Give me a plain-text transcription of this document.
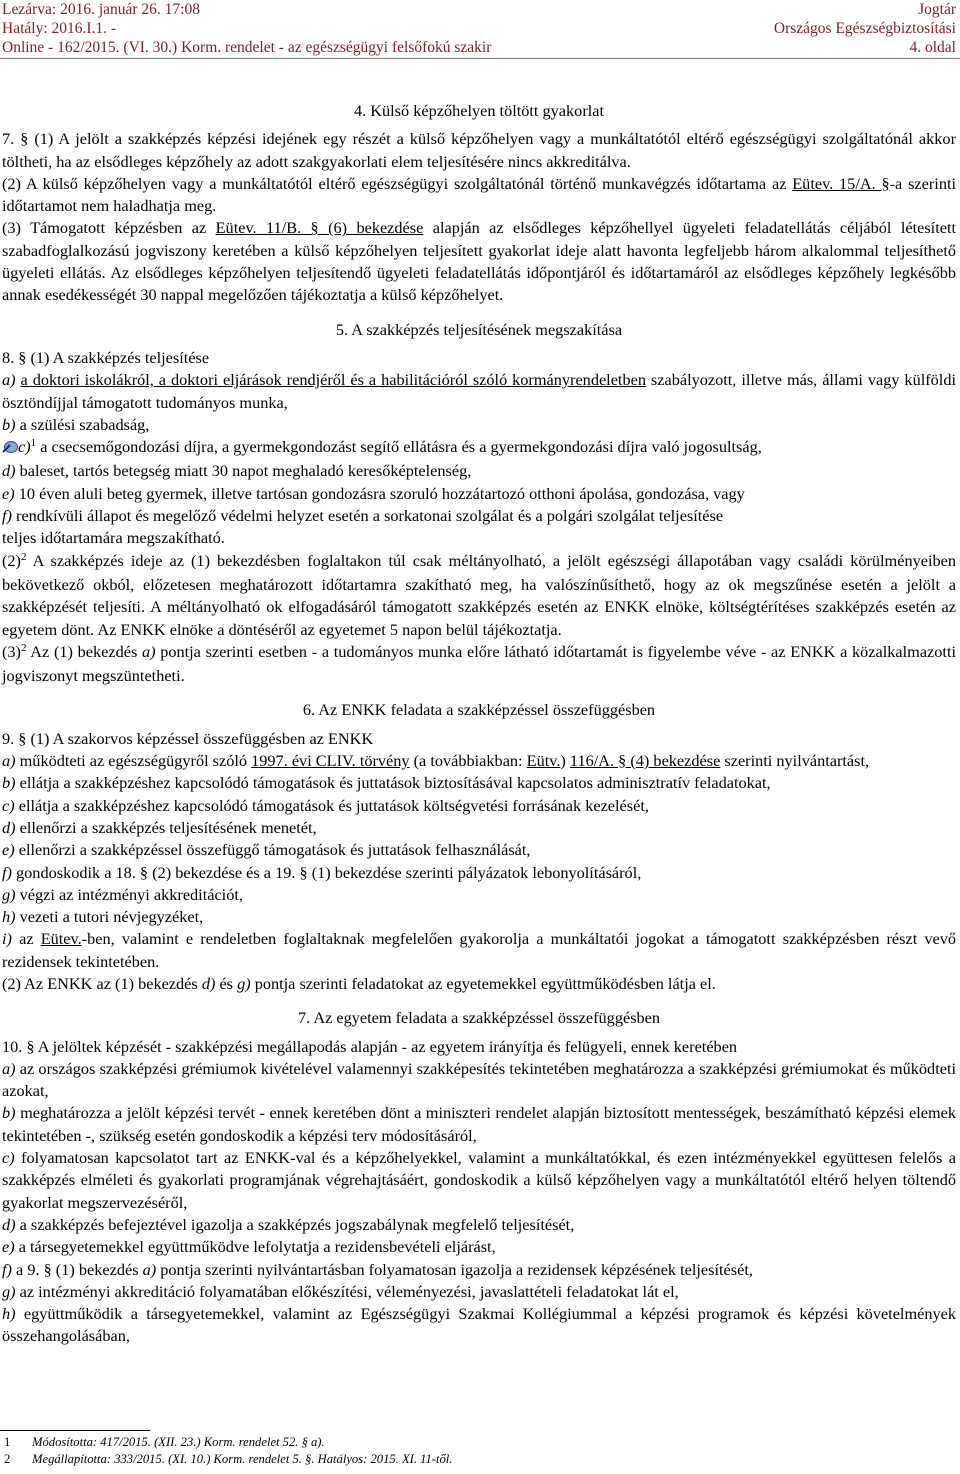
Lezárva: 2016. január 26. 17:08
Hatály: 2016.I.1. -
Online - 162/2015. (VI. 30.) Korm. rendelet - az egészségügyi felsőfokú szakir
Jogtár
Országos Egészségbiztosítási
4. oldal

4. Külső képzőhelyen töltött gyakorlat

7. § (1) A jelölt a szakképzés képzési idejének egy részét a külső képzőhelyen vagy a munkáltatótól eltérő egészségügyi szolgáltatónál akkor töltheti, ha az elsődleges képzőhely az adott szakgyakorlati elem teljesítésére nincs akkreditálva.

(2) A külső képzőhelyen vagy a munkáltatótól eltérő egészségügyi szolgáltatónál történő munkavégzés időtartama az Eütev. 15/A. §-a szerinti időtartamot nem haladhatja meg.

(3) Támogatott képzésben az Eütev. 11/B. § (6) bekezdése alapján az elsődleges képzőhellyel ügyeleti feladatellátás céljából létesített szabadfoglalkozású jogviszony keretében a külső képzőhelyen teljesített gyakorlat ideje alatt havonta legfeljebb három alkalommal teljesíthető ügyeleti ellátás. Az elsődleges képzőhelyen teljesítendő ügyeleti feladatellátás időpontjáról és időtartamáról az elsődleges képzőhely legkésőbb annak esedékességét 30 nappal megelőzően tájékoztatja a külső képzőhelyet.

5. A szakképzés teljesítésének megszakítása

8. § (1) A szakképzés teljesítése

a) a doktori iskolákról, a doktori eljárások rendjéről és a habilitációról szóló kormányrendeletben szabályozott, illetve más, állami vagy külföldi ösztöndíjjal támogatott tudományos munka,

b) a szülési szabadság,

c)$^1$ a csecsemőgondozási díjra, a gyermekgondozást segítő ellátásra és a gyermekgondozási díjra való jogosultság,

d) baleset, tartós betegség miatt 30 napot meghaladó keresőképtelenség,

e) 10 éven aluli beteg gyermek, illetve tartósan gondozásra szoruló hozzátartozó otthoni ápolása, gondozása, vagy

f) rendkívüli állapot és megelőző védelmi helyzet esetén a sorkatonai szolgálat és a polgári szolgálat teljesítése

teljes időtartamára megszakítható.

$(2)^2$ A szakképzés ideje az (1) bekezdésben foglaltakon túl csak méltányolható, a jelölt egészségi állapotában vagy családi körülményeiben bekövetkező okból, előzetesen meghatározott időtartamra szakítható meg, ha valószínűsíthető, hogy az ok megszűnése esetén a jelölt a szakképzését teljesíti. A méltányolható ok elfogadásáról támogatott szakképzés esetén az ENKK elnöke, költségtérítéses szakképzés esetén az egyetem dönt. Az ENKK elnöke a döntéséről az egyetemet 5 napon belül tájékoztatja.

$(3)^2$ Az (1) bekezdés a) pontja szerinti esetben - a tudományos munka előre látható időtartamát is figyelembe véve - az ENKK a közalkalmazotti jogviszonyt megszüntetheti.

6. Az ENKK feladata a szakképzéssel összefüggésben

9. § (1) A szakorvos képzéssel összefüggésben az ENKK

a) működteti az egészségügyről szóló 1997. évi CLIV. törvény (a továbbiakban: Eütv.) 116/A. § (4) bekezdése szerinti nyilvántartást,

b) ellátja a szakképzéshez kapcsolódó támogatások és juttatások biztosításával kapcsolatos adminisztratív feladatokat,

c) ellátja a szakképzéshez kapcsolódó támogatások és juttatások költségvetési forrásának kezelését,

d) ellenőrzi a szakképzés teljesítésének menetét,

e) ellenőrzi a szakképzéssel összefüggő támogatások és juttatások felhasználását,

f) gondoskodik a 18. § (2) bekezdése és a 19. § (1) bekezdése szerinti pályázatok lebonyolításáról,

g) végzi az intézményi akkreditációt,

h) vezeti a tutori névjegyzéket,

i) az Eütev.-ben, valamint e rendeletben foglaltaknak megfelelően gyakorolja a munkáltatói jogokat a támogatott szakképzésben részt vevő rezidensek tekintetében.

(2) Az ENKK az (1) bekezdés d) és g) pontja szerinti feladatokat az egyetemekkel együttműködésben látja el.

7. Az egyetem feladata a szakképzéssel összefüggésben

10. § A jelöltek képzését - szakképzési megállapodás alapján - az egyetem irányítja és felügyeli, ennek keretében

a) az országos szakképzési grémiumok kivételével valamennyi szakképesítés tekintetében meghatározza a szakképzési grémiumokat és működteti azokat,

b) meghatározza a jelölt képzési tervét - ennek keretében dönt a miniszteri rendelet alapján biztosított mentességek, beszámítható képzési elemek tekintetében -, szükség esetén gondoskodik a képzési terv módosításáról,

c) folyamatosan kapcsolatot tart az ENKK-val és a képzőhelyekkel, valamint a munkáltatókkal, és ezen intézményekkel együttesen felelős a szakképzés elméleti és gyakorlati programjának végrehajtásáért, gondoskodik a külső képzőhelyen vagy a munkáltatótól eltérő helyen töltendő gyakorlat megszervezéséről,

d) a szakképzés befejeztével igazolja a szakképzés jogszabálynak megfelelő teljesítését,

e) a társegyetemekkel együttműködve lefolytatja a rezidensbevételi eljárást,

f) a 9. § (1) bekezdés a) pontja szerinti nyilvántartásban folyamatosan igazolja a rezidensek képzésének teljesítését,

g) az intézményi akkreditáció folyamatában előkészítési, véleményezési, javaslattételi feladatokat lát el,

h) együttműködik a társegyetemekkel, valamint az Egészségügyi Szakmai Kollégiummal a képzési programok és képzési követelmények összehangolásában,

1 Módosította: 417/2015. (XII. 23.) Korm. rendelet 52. § a).
2 Megállapította: 333/2015. (XI. 10.) Korm. rendelet 5. §. Hatályos: 2015. XI. 11-től.
